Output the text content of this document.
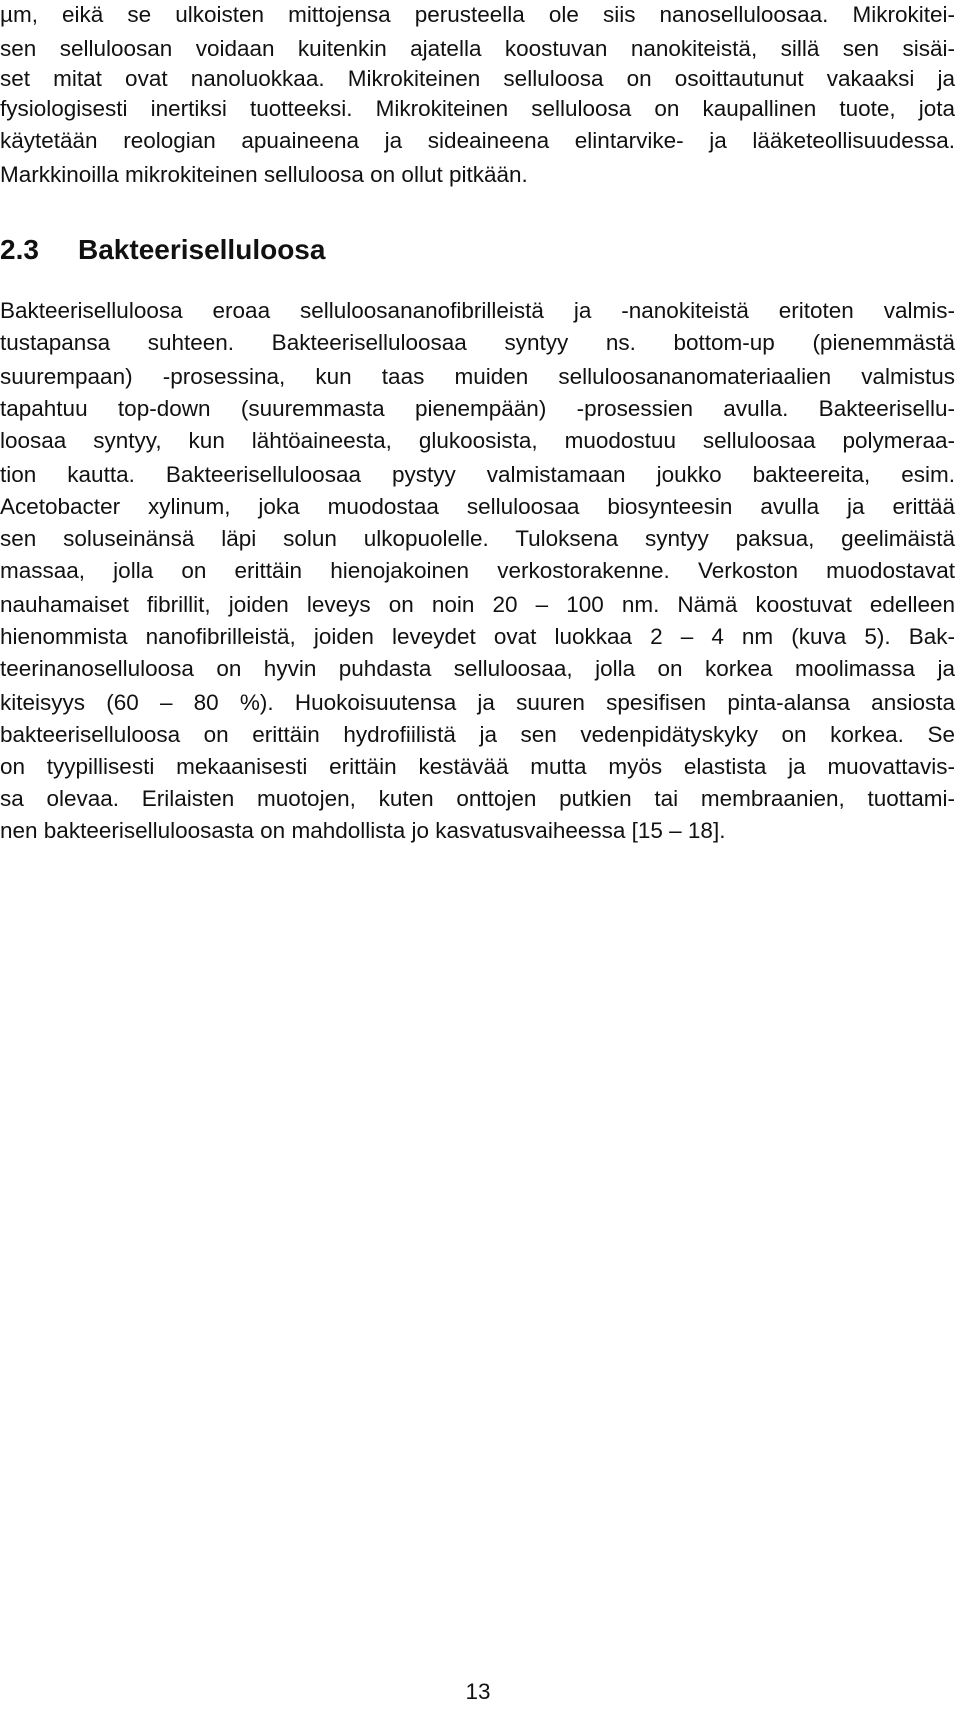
µm, eikä se ulkoisten mittojensa perusteella ole siis nanoselluloosaa. Mikrokitei-
sen selluloosan voidaan kuitenkin ajatella koostuvan nanokiteistä, sillä sen sisäi-
set mitat ovat nanoluokkaa. Mikrokiteinen selluloosa on osoittautunut vakaaksi ja
fysiologisesti inertiksi tuotteeksi. Mikrokiteinen selluloosa on kaupallinen tuote, jota
käytetään reologian apuaineena ja sideaineena elintarvike- ja lääketeollisuudessa.
Markkinoilla mikrokiteinen selluloosa on ollut pitkään.
2.3 Bakteeriselluloosa
Bakteeriselluloosa eroaa selluloosananofibrilleistä ja -nanokiteistä eritoten valmis-
tustapansa suhteen. Bakteeriselluloosaa syntyy ns. bottom-up (pienemmästä
suurempaan) -prosessina, kun taas muiden selluloosananomateriaalien valmistus
tapahtuu top-down (suuremmasta pienempään) -prosessien avulla. Bakteerisellu-
loosaa syntyy, kun lähtöaineesta, glukoosista, muodostuu selluloosaa polymeraa-
tion kautta. Bakteeriselluloosaa pystyy valmistamaan joukko bakteereita, esim.
Acetobacter xylinum, joka muodostaa selluloosaa biosynteesin avulla ja erittää
sen soluseinänsä läpi solun ulkopuolelle. Tuloksena syntyy paksua, geelimäistä
massaa, jolla on erittäin hienojakoinen verkostorakenne. Verkoston muodostavat
nauhamaiset fibrillit, joiden leveys on noin 20 – 100 nm. Nämä koostuvat edelleen
hienommista nanofibrilleistä, joiden leveydet ovat luokkaa 2 – 4 nm (kuva 5). Bak-
teerinanoselluloosa on hyvin puhdasta selluloosaa, jolla on korkea moolimassa ja
kiteisyys (60 – 80 %). Huokoisuutensa ja suuren spesifisen pinta-alansa ansiosta
bakteeriselluloosa on erittäin hydrofiilistä ja sen vedenpidätyskyky on korkea. Se
on tyypillisesti mekaanisesti erittäin kestävää mutta myös elastista ja muovattavis-
sa olevaa. Erilaisten muotojen, kuten onttojen putkien tai membraanien, tuottami-
nen bakteeriselluloosasta on mahdollista jo kasvatusvaiheessa [15 – 18].
13
